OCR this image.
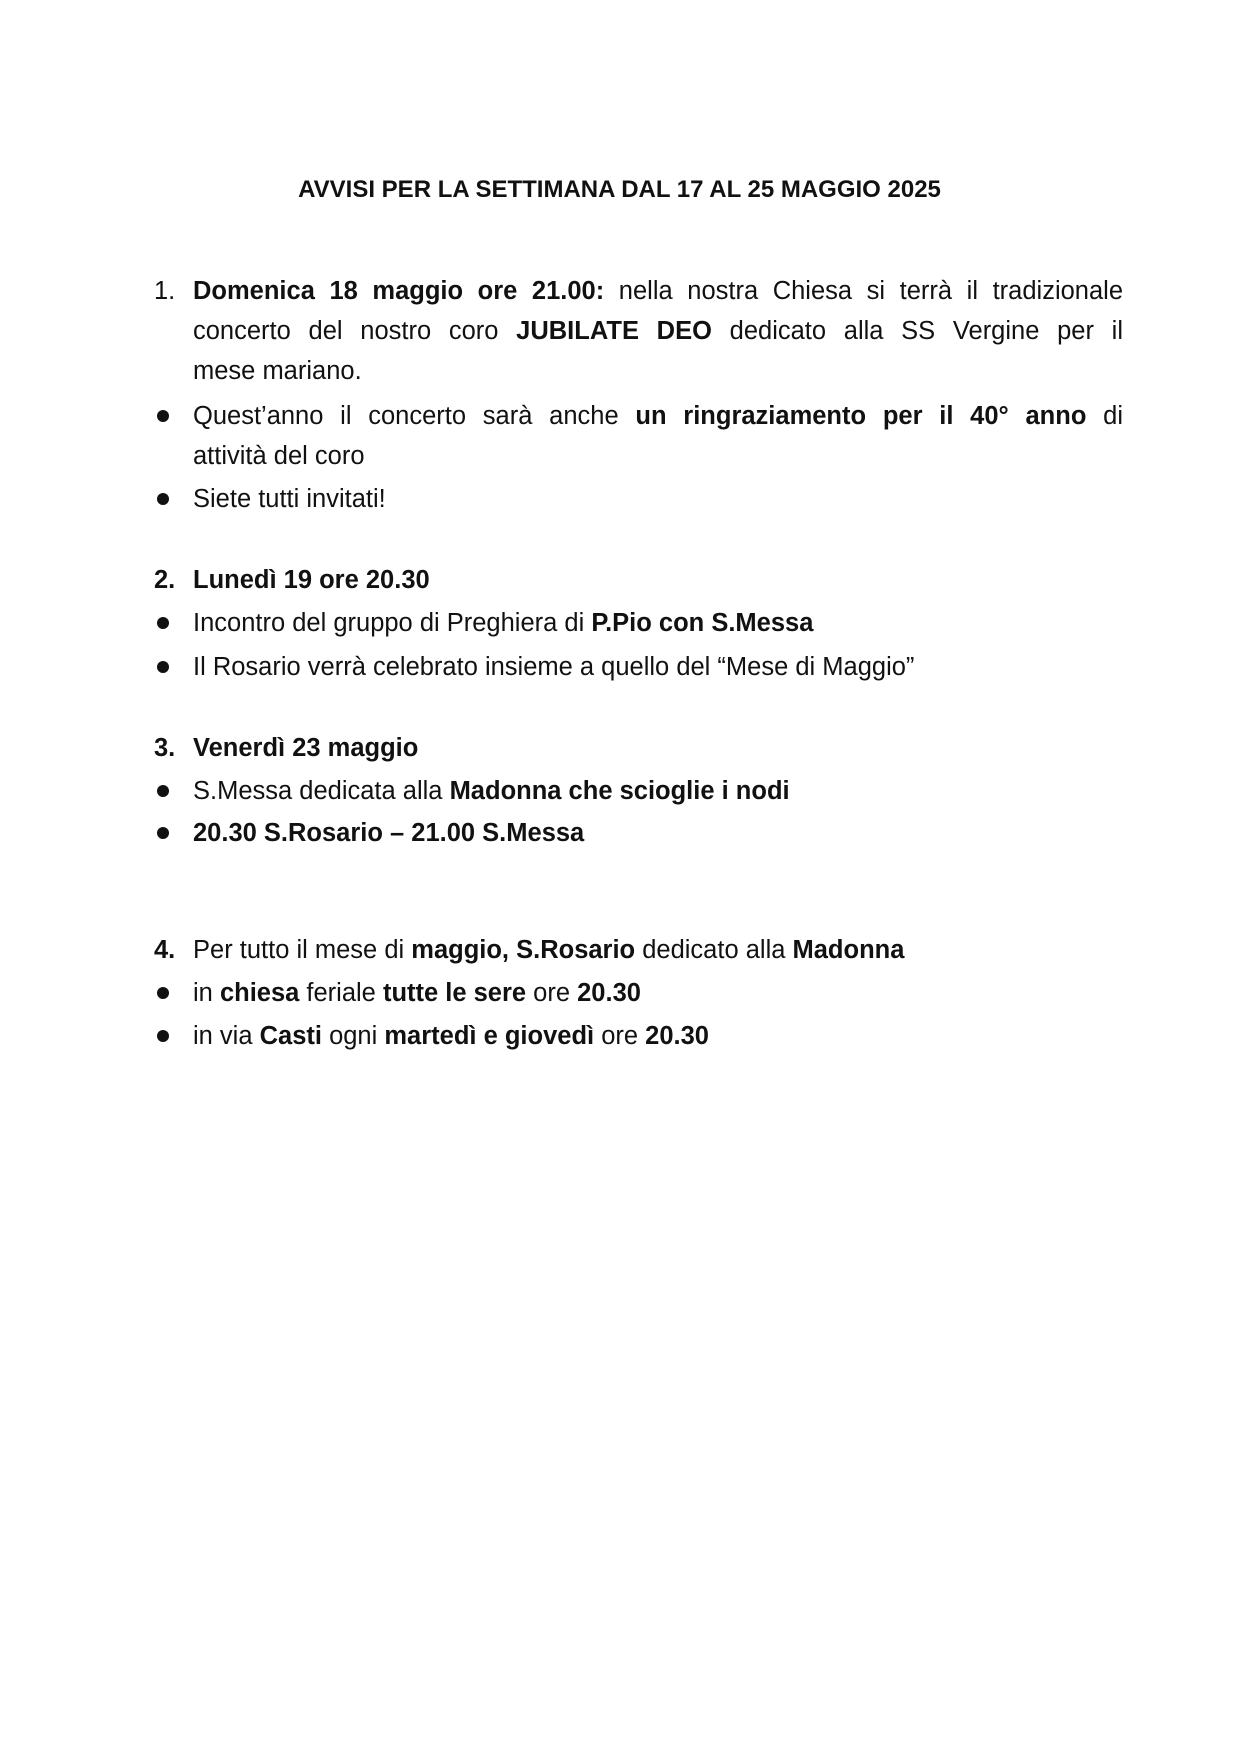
AVVISI PER LA SETTIMANA DAL 17 AL 25 MAGGIO 2025
1. Domenica 18 maggio ore 21.00: nella nostra Chiesa si terrà il tradizionale
concerto del nostro coro JUBILATE DEO dedicato alla SS Vergine per il
mese mariano.
Quest’anno il concerto sarà anche un ringraziamento per il 40° anno di
attività del coro
Siete tutti invitati!
2. Lunedì 19 ore 20.30
Incontro del gruppo di Preghiera di P.Pio con S.Messa
Il Rosario verrà celebrato insieme a quello del “Mese di Maggio”
3. Venerdì 23 maggio
S.Messa dedicata alla Madonna che scioglie i nodi
20.30 S.Rosario – 21.00 S.Messa
4. Per tutto il mese di maggio, S.Rosario dedicato alla Madonna
in chiesa feriale tutte le sere ore 20.30
in via Casti ogni martedì e giovedì ore 20.30
